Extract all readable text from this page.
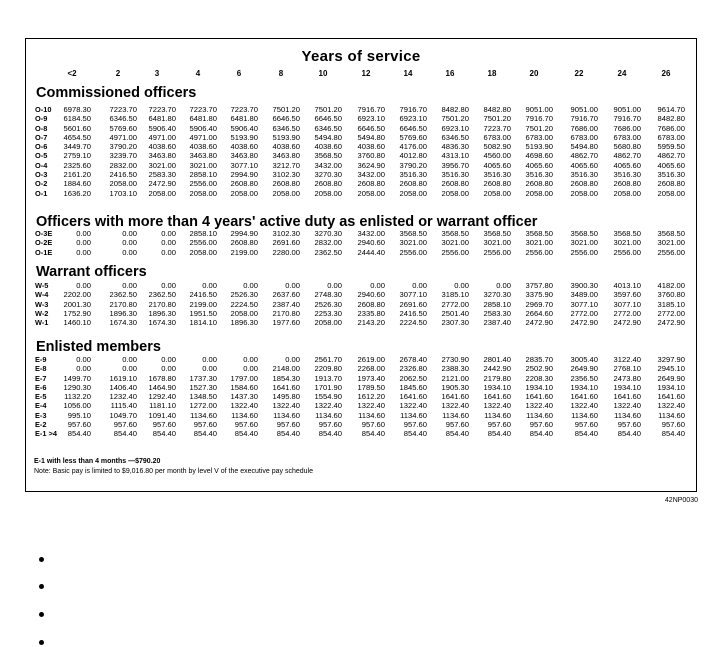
Years of service
<2	2	3	4	6	8	10	12	14	16	18	20	22	24	26
Commissioned officers
O-10	6978.30	7223.70	7223.70	7223.70	7223.70	7501.20	7501.20	7916.70	7916.70	8482.80	8482.80	9051.00	9051.00	9051.00	9614.70
O-9	6184.50	6346.50	6481.80	6481.80	6481.80	6646.50	6646.50	6923.10	6923.10	7501.20	7501.20	7916.70	7916.70	7916.70	8482.80
O-8	5601.60	5769.60	5906.40	5906.40	5906.40	6346.50	6346.50	6646.50	6646.50	6923.10	7223.70	7501.20	7686.00	7686.00	7686.00
O-7	4654.50	4971.00	4971.00	4971.00	5193.90	5193.90	5494.80	5494.80	5769.60	6346.50	6783.00	6783.00	6783.00	6783.00	6783.00
O-6	3449.70	3790.20	4038.60	4038.60	4038.60	4038.60	4038.60	4038.60	4176.00	4836.30	5082.90	5193.90	5494.80	5680.80	5959.50
O-5	2759.10	3239.70	3463.80	3463.80	3463.80	3463.80	3568.50	3760.80	4012.80	4313.10	4560.00	4698.60	4862.70	4862.70	4862.70
O-4	2325.60	2832.00	3021.00	3021.00	3077.10	3212.70	3432.00	3624.90	3790.20	3956.70	4065.60	4065.60	4065.60	4065.60	4065.60
O-3	2161.20	2416.50	2583.30	2858.10	2994.90	3102.30	3270.30	3432.00	3516.30	3516.30	3516.30	3516.30	3516.30	3516.30	3516.30
O-2	1884.60	2058.00	2472.90	2556.00	2608.80	2608.80	2608.80	2608.80	2608.80	2608.80	2608.80	2608.80	2608.80	2608.80	2608.80
O-1	1636.20	1703.10	2058.00	2058.00	2058.00	2058.00	2058.00	2058.00	2058.00	2058.00	2058.00	2058.00	2058.00	2058.00	2058.00
Officers with more than 4 years' active duty as enlisted or warrant officer
O-3E	0.00	0.00	0.00	2858.10	2994.90	3102.30	3270.30	3432.00	3568.50	3568.50	3568.50	3568.50	3568.50	3568.50	3568.50
O-2E	0.00	0.00	0.00	2556.00	2608.80	2691.60	2832.00	2940.60	3021.00	3021.00	3021.00	3021.00	3021.00	3021.00	3021.00
O-1E	0.00	0.00	0.00	2058.00	2199.00	2280.00	2362.50	2444.40	2556.00	2556.00	2556.00	2556.00	2556.00	2556.00	2556.00
Warrant officers
W-5	0.00	0.00	0.00	0.00	0.00	0.00	0.00	0.00	0.00	0.00	0.00	3757.80	3900.30	4013.10	4182.00
W-4	2202.00	2362.50	2362.50	2416.50	2526.30	2637.60	2748.30	2940.60	3077.10	3185.10	3270.30	3375.90	3489.00	3597.60	3760.80
W-3	2001.30	2170.80	2170.80	2199.00	2224.50	2387.40	2526.30	2608.80	2691.60	2772.00	2858.10	2969.70	3077.10	3077.10	3185.10
W-2	1752.90	1896.30	1896.30	1951.50	2058.00	2170.80	2253.30	2335.80	2416.50	2501.40	2583.30	2664.60	2772.00	2772.00	2772.00
W-1	1460.10	1674.30	1674.30	1814.10	1896.30	1977.60	2058.00	2143.20	2224.50	2307.30	2387.40	2472.90	2472.90	2472.90	2472.90
Enlisted members
E-9	0.00	0.00	0.00	0.00	0.00	0.00	2561.70	2619.00	2678.40	2730.90	2801.40	2835.70	3005.40	3122.40	3297.90
E-8	0.00	0.00	0.00	0.00	0.00	2148.00	2209.80	2268.00	2326.80	2388.30	2442.90	2502.90	2649.90	2768.10	2945.10
E-7	1499.70	1619.10	1678.80	1737.30	1797.00	1854.30	1913.70	1973.40	2062.50	2121.00	2179.80	2208.30	2356.50	2473.80	2649.90
E-6	1290.30	1406.40	1464.90	1527.30	1584.60	1641.60	1701.90	1789.50	1845.60	1905.30	1934.10	1934.10	1934.10	1934.10	1934.10
E-5	1132.20	1232.40	1292.40	1348.50	1437.30	1495.80	1554.90	1612.20	1641.60	1641.60	1641.60	1641.60	1641.60	1641.60	1641.60
E-4	1056.00	1115.40	1181.10	1272.00	1322.40	1322.40	1322.40	1322.40	1322.40	1322.40	1322.40	1322.40	1322.40	1322.40	1322.40
E-3	995.10	1049.70	1091.40	1134.60	1134.60	1134.60	1134.60	1134.60	1134.60	1134.60	1134.60	1134.60	1134.60	1134.60	1134.60
E-2	957.60	957.60	957.60	957.60	957.60	957.60	957.60	957.60	957.60	957.60	957.60	957.60	957.60	957.60	957.60
E-1 >4	854.40	854.40	854.40	854.40	854.40	854.40	854.40	854.40	854.40	854.40	854.40	854.40	854.40	854.40	854.40
E-1 with less than 4 months —$790.20
Note: Basic pay is limited to $9,016.80 per month by level V of the executive pay schedule
42NP0030
